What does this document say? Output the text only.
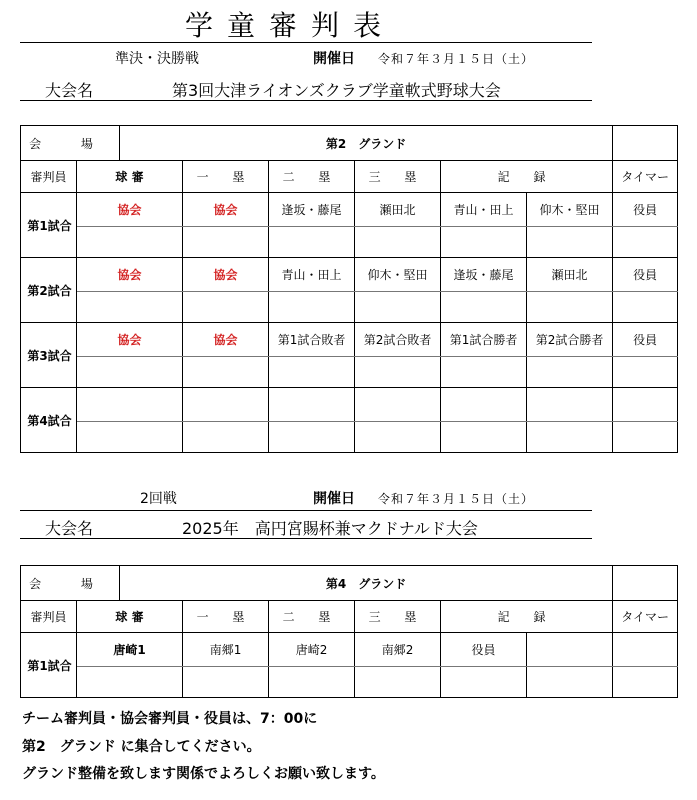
学童審判表
準決・決勝戦	開催日 令和７年３月１５日（土）
大会名	第3回大津ライオンズクラブ学童軟式野球大会
会 場		第2　グランド						
審判員	球 審		一 塁	二 塁	三 塁	記 録		タイマー
第1試合	協会		協会	逢坂・藤尾	瀬田北	青山・田上	仰木・堅田	役員

第2試合	協会		協会	青山・田上	仰木・堅田	逢坂・藤尾	瀬田北	役員

第3試合	協会		協会	第1試合敗者	第2試合敗者	第1試合勝者	第2試合勝者	役員

第4試合								

2回戦	開催日 令和７年３月１５日（土）
大会名	2025年　高円宮賜杯兼マクドナルド大会
会 場		第4　グランド						
審判員	球 審		一 塁	二 塁	三 塁	記 録		タイマー
第1試合	唐崎1		南郷1	唐崎2	南郷2	役員		

チーム審判員・協会審判員・役員は、7：00に
第2　グランド に集合してください。
グランド整備を致します関係でよろしくお願い致します。
